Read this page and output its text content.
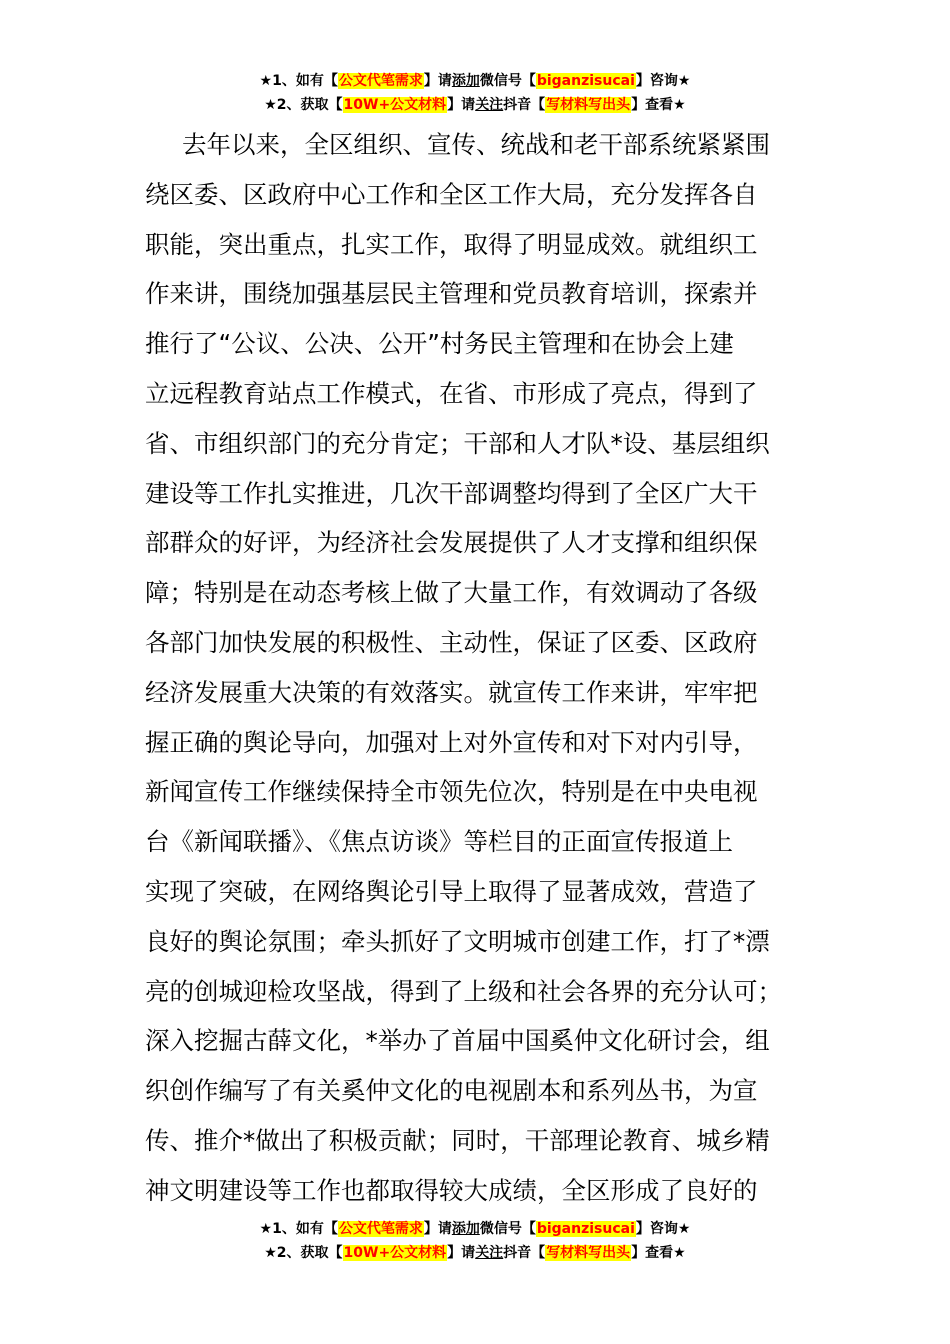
★1、如有【公文代笔需求】请添加微信号【biganzisucai】咨询★
★2、获取【10W+公文材料】请关注抖音【写材料写出头】查看★
去年以来，全区组织、宣传、统战和老干部系统紧紧围
绕区委、区政府中心工作和全区工作大局，充分发挥各自
职能，突出重点，扎实工作，取得了明显成效。就组织工
作来讲，围绕加强基层民主管理和党员教育培训，探索并
推行了“公议、公决、公开”村务民主管理和在协会上建
立远程教育站点工作模式，在省、市形成了亮点，得到了
省、市组织部门的充分肯定；干部和人才队*设、基层组织
建设等工作扎实推进，几次干部调整均得到了全区广大干
部群众的好评，为经济社会发展提供了人才支撑和组织保
障；特别是在动态考核上做了大量工作，有效调动了各级
各部门加快发展的积极性、主动性，保证了区委、区政府
经济发展重大决策的有效落实。就宣传工作来讲，牢牢把
握正确的舆论导向，加强对上对外宣传和对下对内引导，
新闻宣传工作继续保持全市领先位次，特别是在中央电视
台《新闻联播》、《焦点访谈》等栏目的正面宣传报道上
实现了突破，在网络舆论引导上取得了显著成效，营造了
良好的舆论氛围；牵头抓好了文明城市创建工作，打了*漂
亮的创城迎检攻坚战，得到了上级和社会各界的充分认可；
深入挖掘古薛文化，*举办了首届中国奚仲文化研讨会，组
织创作编写了有关奚仲文化的电视剧本和系列丛书，为宣
传、推介*做出了积极贡献；同时，干部理论教育、城乡精
神文明建设等工作也都取得较大成绩，全区形成了良好的
★1、如有【公文代笔需求】请添加微信号【biganzisucai】咨询★
★2、获取【10W+公文材料】请关注抖音【写材料写出头】查看★
